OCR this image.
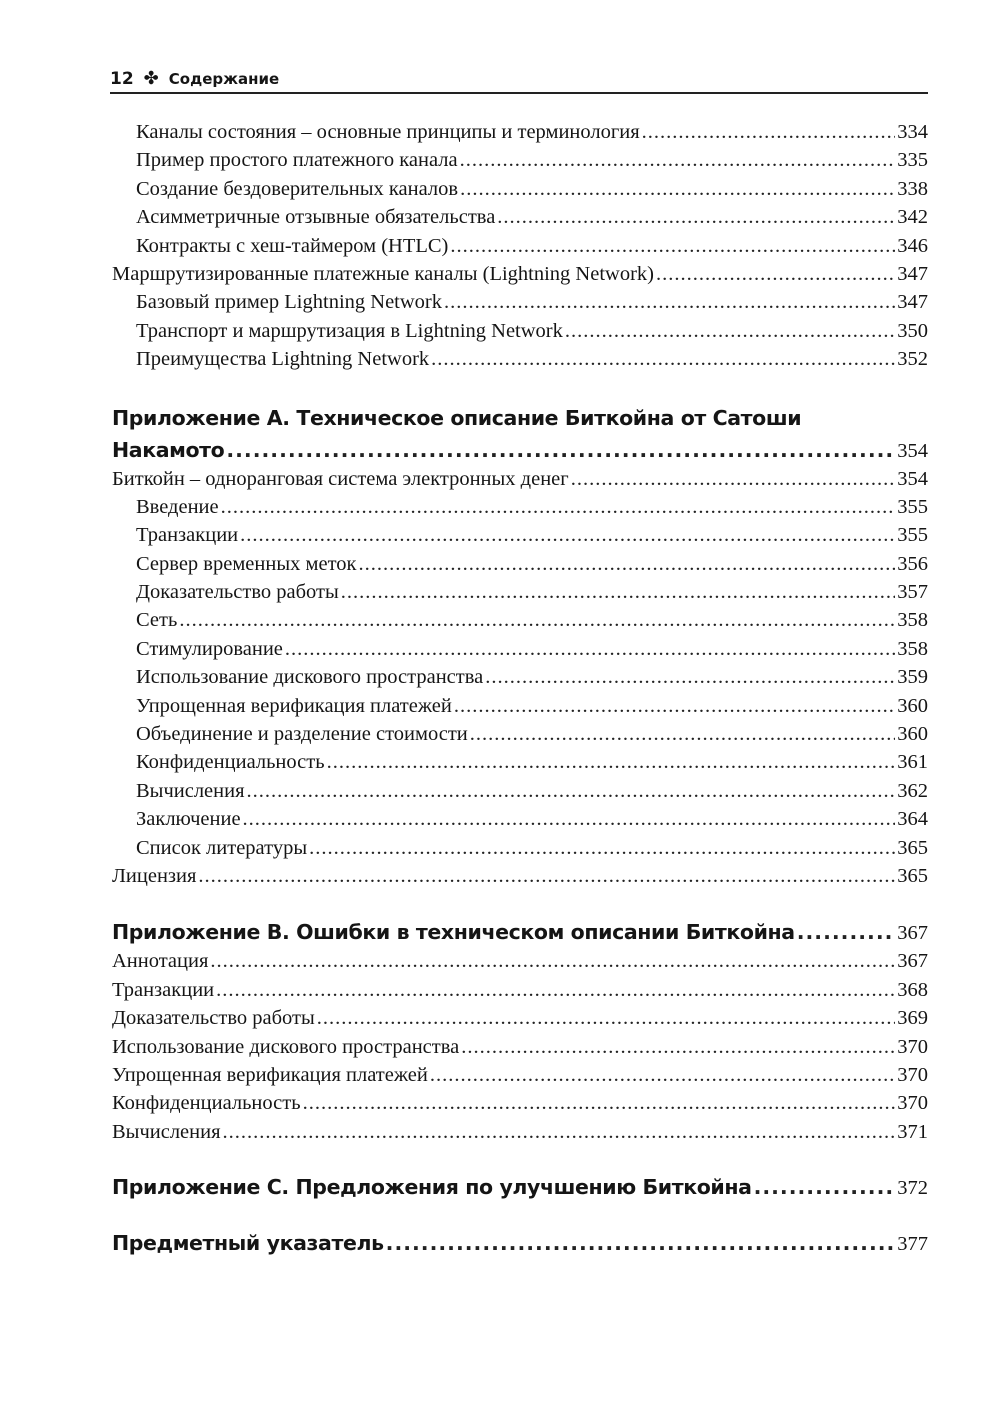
12 ✤ Содержание
Каналы состояния – основные принципы и терминология .....	334
Пример простого платежного канала .....	335
Создание бездоверительных каналов .....	338
Асимметричные отзывные обязательства .....	342
Контракты с хеш-таймером (HTLC) .....	346
Маршрутизированные платежные каналы (Lightning Network) .....	347
Базовый пример Lightning Network .....	347
Транспорт и маршрутизация в Lightning Network .....	350
Преимущества Lightning Network .....	352
Приложение А. Техническое описание Биткойна от Сатоши
Накамото .....	354
Биткойн – одноранговая система электронных денег .....	354
Введение .....	355
Транзакции .....	355
Сервер временных меток .....	356
Доказательство работы .....	357
Сеть .....	358
Стимулирование .....	358
Использование дискового пространства .....	359
Упрощенная верификация платежей .....	360
Объединение и разделение стоимости .....	360
Конфиденциальность .....	361
Вычисления .....	362
Заключение .....	364
Список литературы .....	365
Лицензия .....	365
Приложение B. Ошибки в техническом описании Биткойна .....	367
Аннотация .....	367
Транзакции .....	368
Доказательство работы .....	369
Использование дискового пространства .....	370
Упрощенная верификация платежей .....	370
Конфиденциальность .....	370
Вычисления .....	371
Приложение C. Предложения по улучшению Биткойна .....	372
Предметный указатель .....	377
